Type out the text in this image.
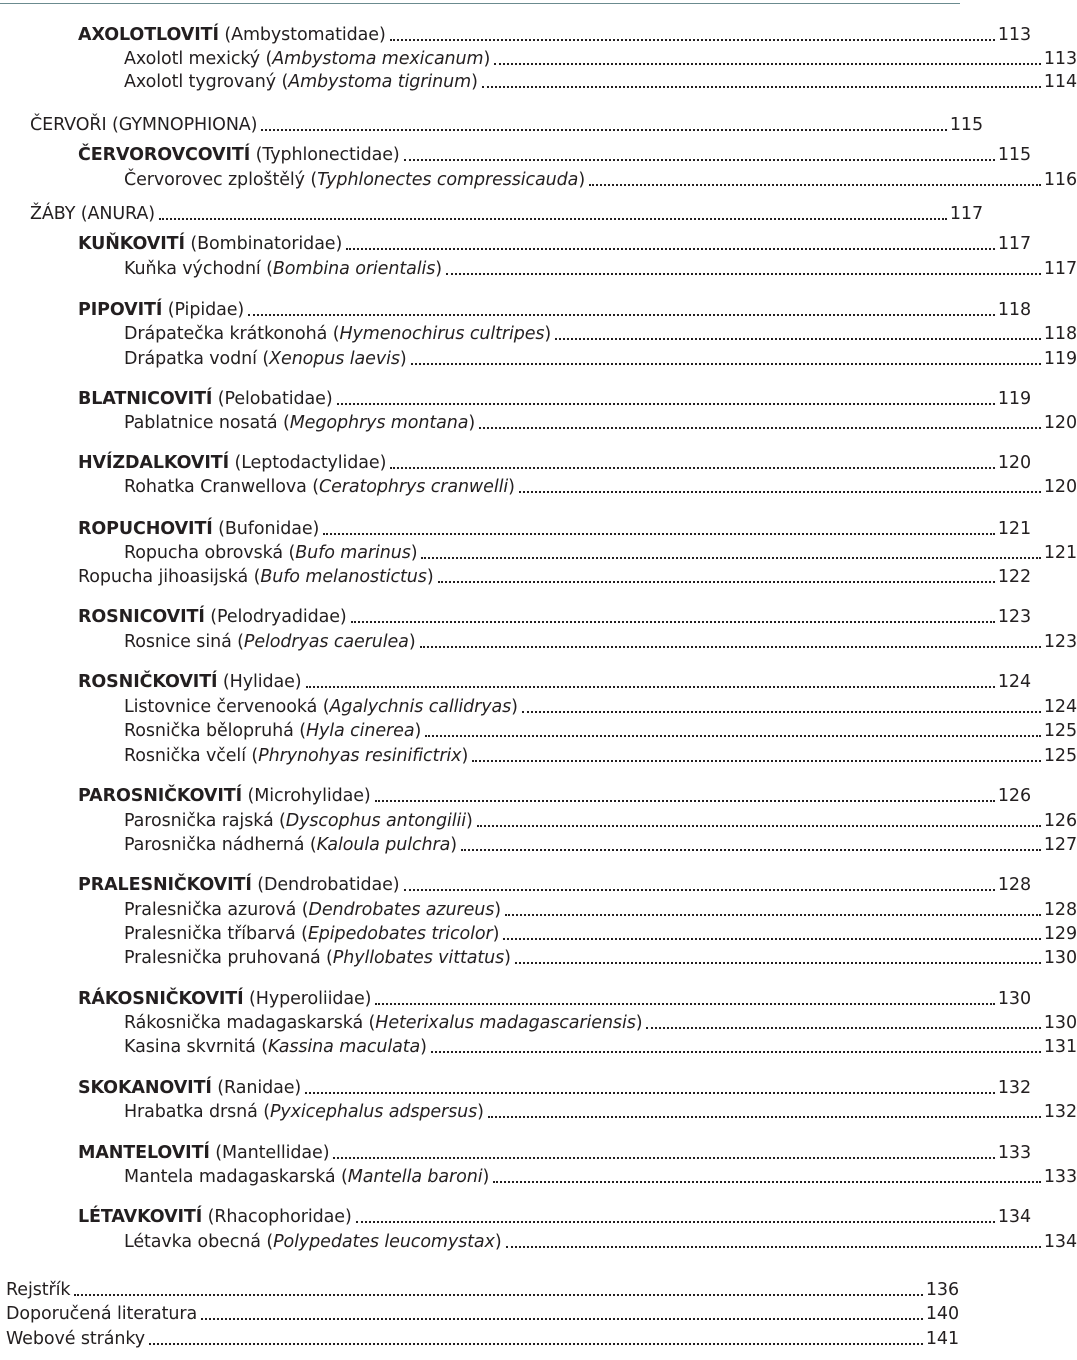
AXOLOTLOVITÍ (Ambystomatidae)	113
Axolotl mexický (Ambystoma mexicanum)	113
Axolotl tygrovaný (Ambystoma tigrinum)	114
ČERVOŘI (GYMNOPHIONA)	115
ČERVOROVCOVITÍ (Typhlonectidae)	115
Červorovec zploštělý (Typhlonectes compressicauda)	116
ŽÁBY (ANURA)	117
KUŇKOVITÍ (Bombinatoridae)	117
Kuňka východní (Bombina orientalis)	117
PIPOVITÍ (Pipidae)	118
Drápatečka krátkonohá (Hymenochirus cultripes)	118
Drápatka vodní (Xenopus laevis)	119
BLATNICOVITÍ (Pelobatidae)	119
Pablatnice nosatá (Megophrys montana)	120
HVÍZDALKOVITÍ (Leptodactylidae)	120
Rohatka Cranwellova (Ceratophrys cranwelli)	120
ROPUCHOVITÍ (Bufonidae)	121
Ropucha obrovská (Bufo marinus)	121
Ropucha jihoasijská (Bufo melanostictus)	122
ROSNICOVITÍ (Pelodryadidae)	123
Rosnice siná (Pelodryas caerulea)	123
ROSNIČKOVITÍ (Hylidae)	124
Listovnice červenooká (Agalychnis callidryas)	124
Rosnička bělopruhá (Hyla cinerea)	125
Rosnička včelí (Phrynohyas resinifictrix)	125
PAROSNIČKOVITÍ (Microhylidae)	126
Parosnička rajská (Dyscophus antongilii)	126
Parosnička nádherná (Kaloula pulchra)	127
PRALESNIČKOVITÍ (Dendrobatidae)	128
Pralesnička azurová (Dendrobates azureus)	128
Pralesnička tříbarvá (Epipedobates tricolor)	129
Pralesnička pruhovaná (Phyllobates vittatus)	130
RÁKOSNIČKOVITÍ (Hyperoliidae)	130
Rákosnička madagaskarská (Heterixalus madagascariensis)	130
Kasina skvrnitá (Kassina maculata)	131
SKOKANOVITÍ (Ranidae)	132
Hrabatka drsná (Pyxicephalus adspersus)	132
MANTELOVITÍ (Mantellidae)	133
Mantela madagaskarská (Mantella baroni)	133
LÉTAVKOVITÍ (Rhacophoridae)	134
Létavka obecná (Polypedates leucomystax)	134
Rejstřík	136
Doporučená literatura	140
Webové stránky	141
